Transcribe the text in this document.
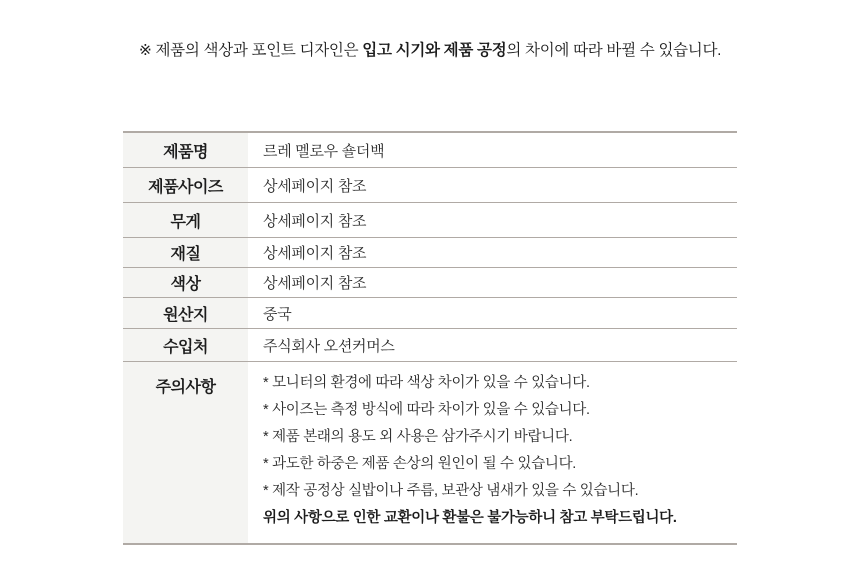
※ 제품의 색상과 포인트 디자인은 입고 시기와 제품 공정의 차이에 따라 바뀔 수 있습니다.

제품명	르레 멜로우 숄더백
제품사이즈	상세페이지 참조
무게	상세페이지 참조
재질	상세페이지 참조
색상	상세페이지 참조
원산지	중국
수입처	주식회사 오션커머스
주의사항	* 모니터의 환경에 따라 색상 차이가 있을 수 있습니다.

* 사이즈는 측정 방식에 따라 차이가 있을 수 있습니다.

* 제품 본래의 용도 외 사용은 삼가주시기 바랍니다.

* 과도한 하중은 제품 손상의 원인이 될 수 있습니다.

* 제작 공정상 실밥이나 주름, 보관상 냄새가 있을 수 있습니다.

위의 사항으로 인한 교환이나 환불은 불가능하니 참고 부탁드립니다.
